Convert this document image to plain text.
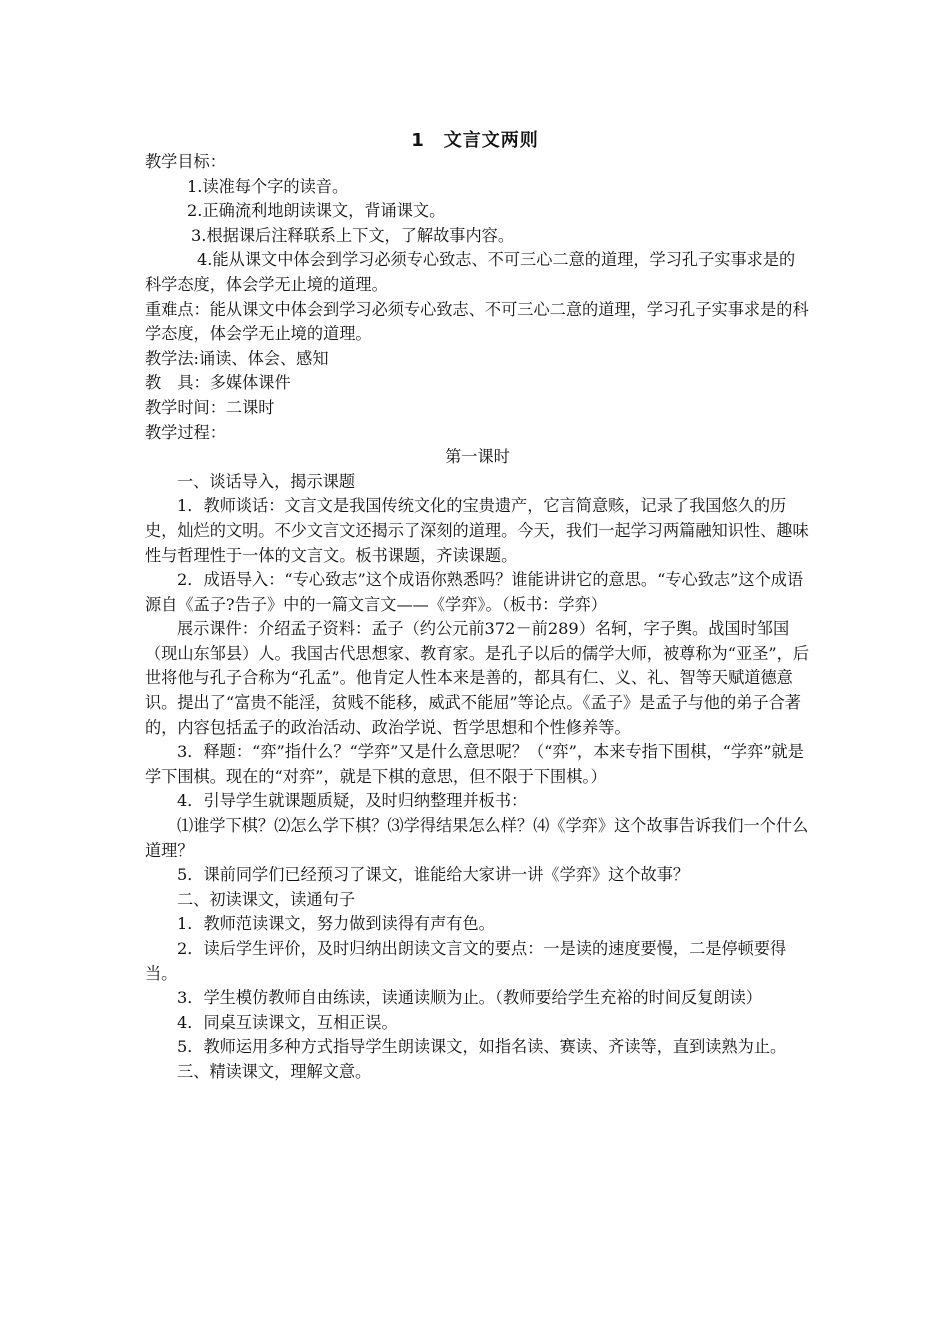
1　文言文两则

教学目标：

1.读准每个字的读音。

2.正确流利地朗读课文，背诵课文。

3.根据课后注释联系上下文，了解故事内容。

4.能从课文中体会到学习必须专心致志、不可三心二意的道理，学习孔子实事求是的科学态度，体会学无止境的道理。

重难点：能从课文中体会到学习必须专心致志、不可三心二意的道理，学习孔子实事求是的科学态度，体会学无止境的道理。

教学法:诵读、体会、感知

教　具：多媒体课件

教学时间：二课时

教学过程：

第一课时

一、谈话导入，揭示课题

1．教师谈话：文言文是我国传统文化的宝贵遗产，它言简意赅，记录了我国悠久的历史，灿烂的文明。不少文言文还揭示了深刻的道理。今天，我们一起学习两篇融知识性、趣味性与哲理性于一体的文言文。板书课题，齐读课题。

2．成语导入：“专心致志”这个成语你熟悉吗？谁能讲讲它的意思。“专心致志”这个成语源自《孟子?告子》中的一篇文言文——《学弈》。（板书：学弈）

展示课件：介绍孟子资料：孟子（约公元前372－前289）名轲，字子舆。战国时邹国（现山东邹县）人。我国古代思想家、教育家。是孔子以后的儒学大师，被尊称为“亚圣”，后世将他与孔子合称为“孔孟”。他肯定人性本来是善的，都具有仁、义、礼、智等天赋道德意识。提出了“富贵不能淫，贫贱不能移，威武不能屈”等论点。《孟子》是孟子与他的弟子合著的，内容包括孟子的政治活动、政治学说、哲学思想和个性修养等。

3．释题：“弈”指什么？“学弈”又是什么意思呢？（“弈”，本来专指下围棋，“学弈”就是学下围棋。现在的“对弈”，就是下棋的意思，但不限于下围棋。）

4．引导学生就课题质疑，及时归纳整理并板书：

⑴谁学下棋？⑵怎么学下棋？⑶学得结果怎么样？⑷《学弈》这个故事告诉我们一个什么道理？

5．课前同学们已经预习了课文，谁能给大家讲一讲《学弈》这个故事？

二、初读课文，读通句子

1．教师范读课文，努力做到读得有声有色。

2．读后学生评价，及时归纳出朗读文言文的要点：一是读的速度要慢，二是停顿要得当。

3．学生模仿教师自由练读，读通读顺为止。（教师要给学生充裕的时间反复朗读）

4．同桌互读课文，互相正误。

5．教师运用多种方式指导学生朗读课文，如指名读、赛读、齐读等，直到读熟为止。

三、精读课文，理解文意。
